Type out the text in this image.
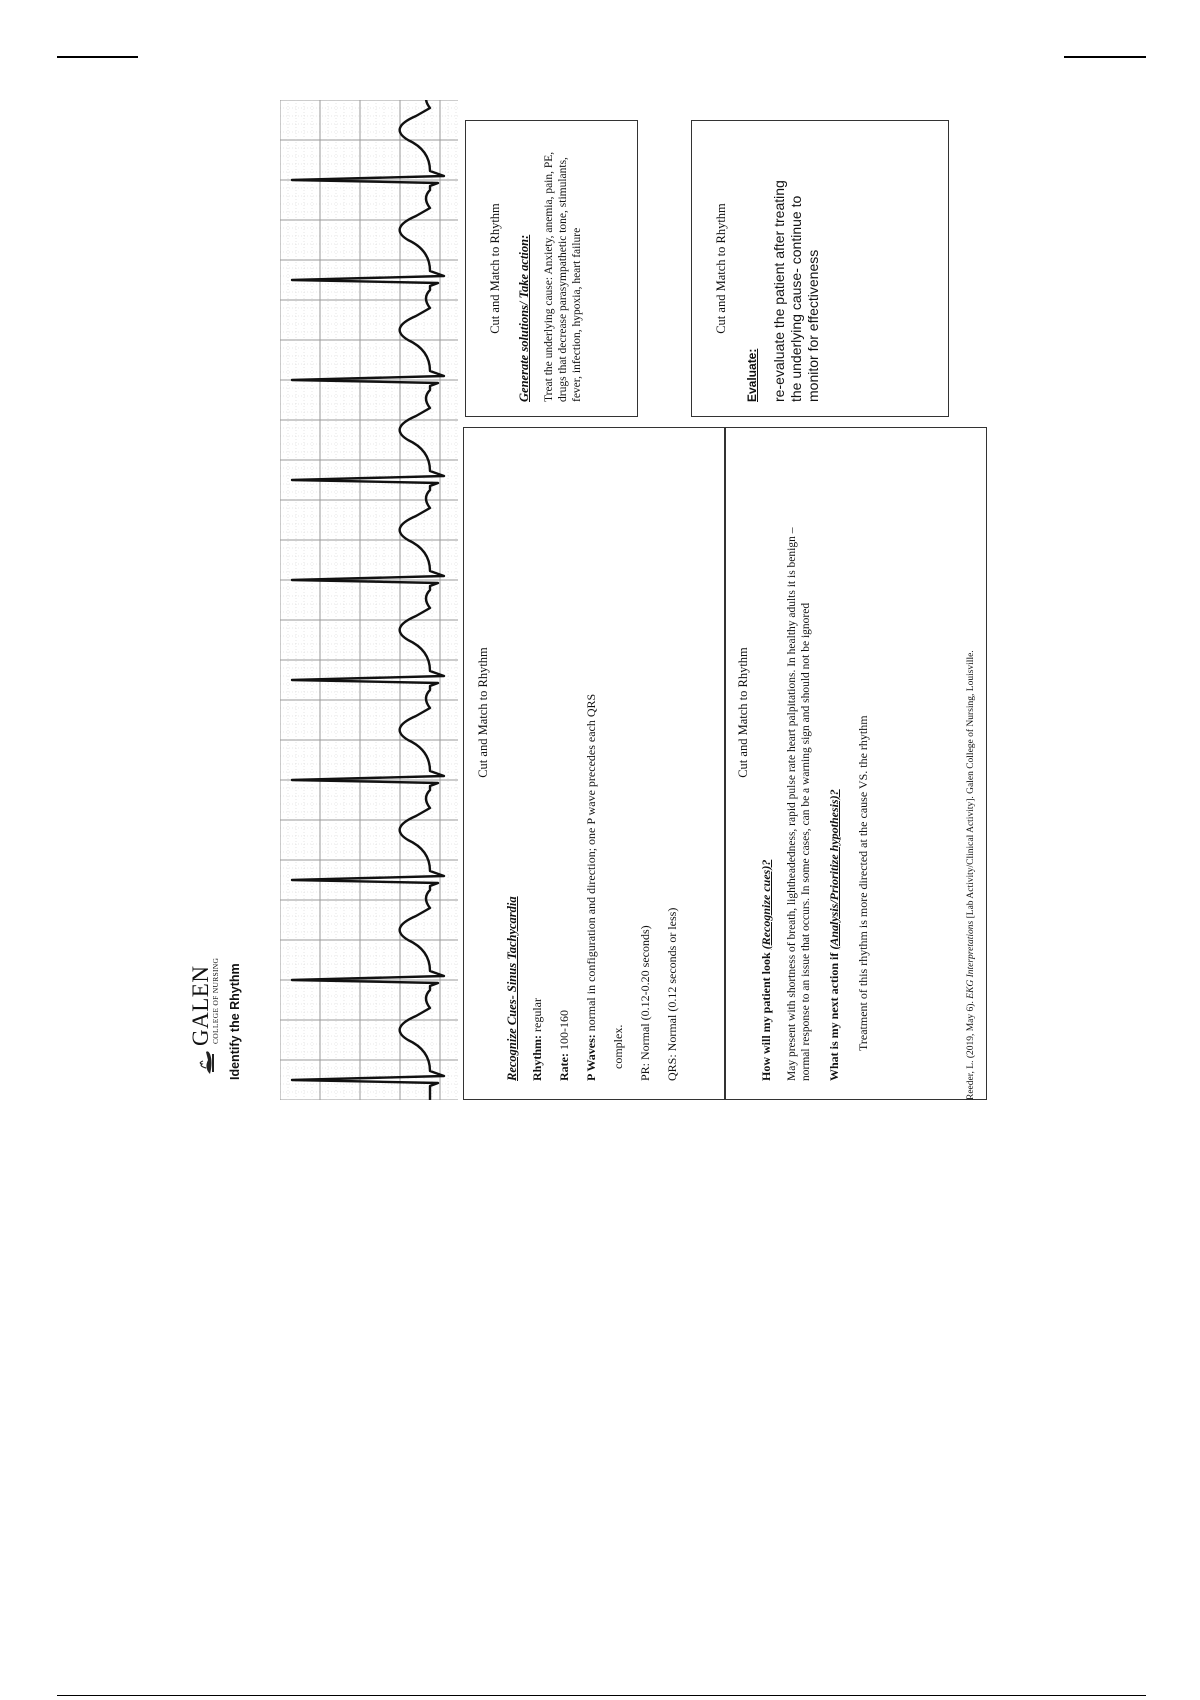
GALEN
COLLEGE OF NURSING Identify the Rhythm
Cut and Match to Rhythm
Recognize Cues- Sinus Tachycardia Rhythm: regular
Rate: 100-160
P Waves: normal in configuration and direction; one P wave precedes each QRS
complex. PR: Normal (0.12-0.20 seconds) QRS: Normal (0.12 seconds or less)
Cut and Match to Rhythm
How will my patient look (Recognize cues)? May present with shortness of breath, lightheadedness, rapid pulse rate heart palpitations. In healthy adults it is benign – normal response to an issue that occurs. In some cases, can be a warning sign and should not be ignored What is my next action if (Analysis/Prioritize hypothesis)? Treatment of this rhythm is more directed at the cause VS. the rhythm
Cut and Match to Rhythm Generate solutions/ Take action: Treat the underlying cause: Anxiety, anemia, pain, PE, drugs that decrease parasympathetic tone, stimulants, fever, infection, hypoxia, heart failure	Cut and Match to Rhythm
Evaluate: re-evaluate the patient after treating the underlying cause- continue to monitor for effectiveness
Reeder, L. (2019, May 6). EKG Interpretations [Lab Activity/Clinical Activity]. Galen College of Nursing, Louisville.
